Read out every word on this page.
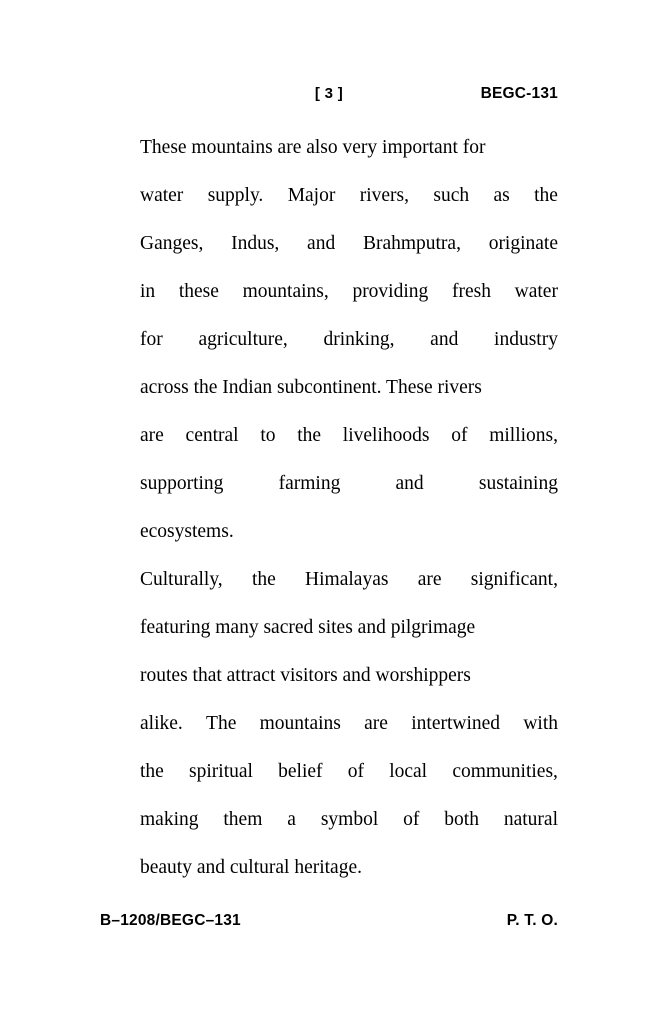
[ 3 ]	BEGC-131
These mountains are also very important for
water supply. Major rivers, such as the
Ganges, Indus, and Brahmputra, originate
in these mountains, providing fresh water
for agriculture, drinking, and industry
across the Indian subcontinent. These rivers
are central to the livelihoods of millions,
supporting	farming	and	sustaining
ecosystems.
Culturally, the Himalayas are significant,
featuring many sacred sites and pilgrimage
routes that attract visitors and worshippers
alike. The mountains are intertwined with
the spiritual belief of local communities,
making them a symbol of both natural
beauty and cultural heritage.
B–1208/BEGC–131	P. T. O.
